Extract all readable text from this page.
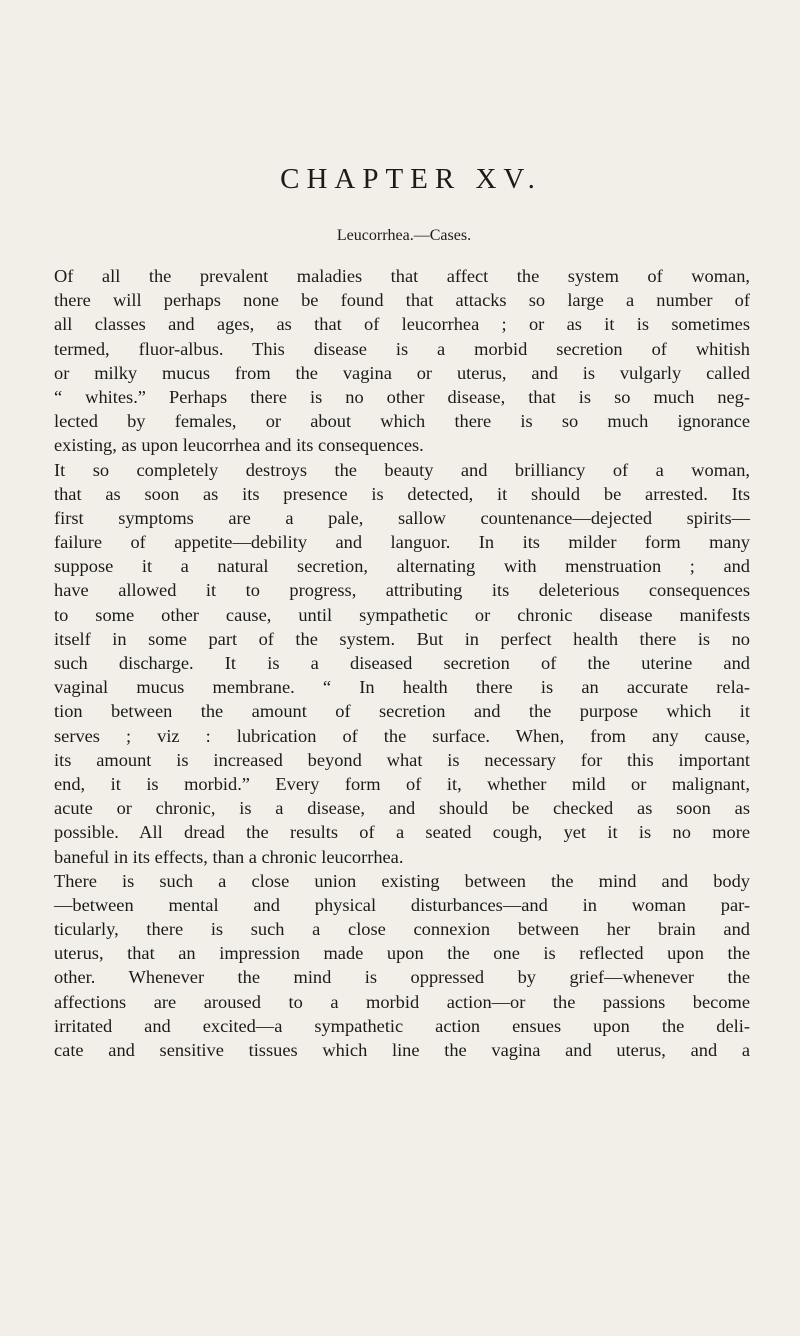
CHAPTER XV.
Leucorrhea.—Cases.
Of all the prevalent maladies that affect the system of woman,
there will perhaps none be found that attacks so large a number of
all classes and ages, as that of leucorrhea ; or as it is sometimes
termed, fluor-albus. This disease is a morbid secretion of whitish
or milky mucus from the vagina or uterus, and is vulgarly called
“ whites.” Perhaps there is no other disease, that is so much neg-
lected by females, or about which there is so much ignorance
existing, as upon leucorrhea and its consequences.
It so completely destroys the beauty and brilliancy of a woman,
that as soon as its presence is detected, it should be arrested. Its
first symptoms are a pale, sallow countenance—dejected spirits—
failure of appetite—debility and languor. In its milder form many
suppose it a natural secretion, alternating with menstruation ; and
have allowed it to progress, attributing its deleterious consequences
to some other cause, until sympathetic or chronic disease manifests
itself in some part of the system. But in perfect health there is no
such discharge. It is a diseased secretion of the uterine and
vaginal mucus membrane. “ In health there is an accurate rela-
tion between the amount of secretion and the purpose which it
serves ; viz : lubrication of the surface. When, from any cause,
its amount is increased beyond what is necessary for this important
end, it is morbid.” Every form of it, whether mild or malignant,
acute or chronic, is a disease, and should be checked as soon as
possible. All dread the results of a seated cough, yet it is no more
baneful in its effects, than a chronic leucorrhea.
There is such a close union existing between the mind and body
—between mental and physical disturbances—and in woman par-
ticularly, there is such a close connexion between her brain and
uterus, that an impression made upon the one is reflected upon the
other. Whenever the mind is oppressed by grief—whenever the
affections are aroused to a morbid action—or the passions become
irritated and excited—a sympathetic action ensues upon the deli-
cate and sensitive tissues which line the vagina and uterus, and a
